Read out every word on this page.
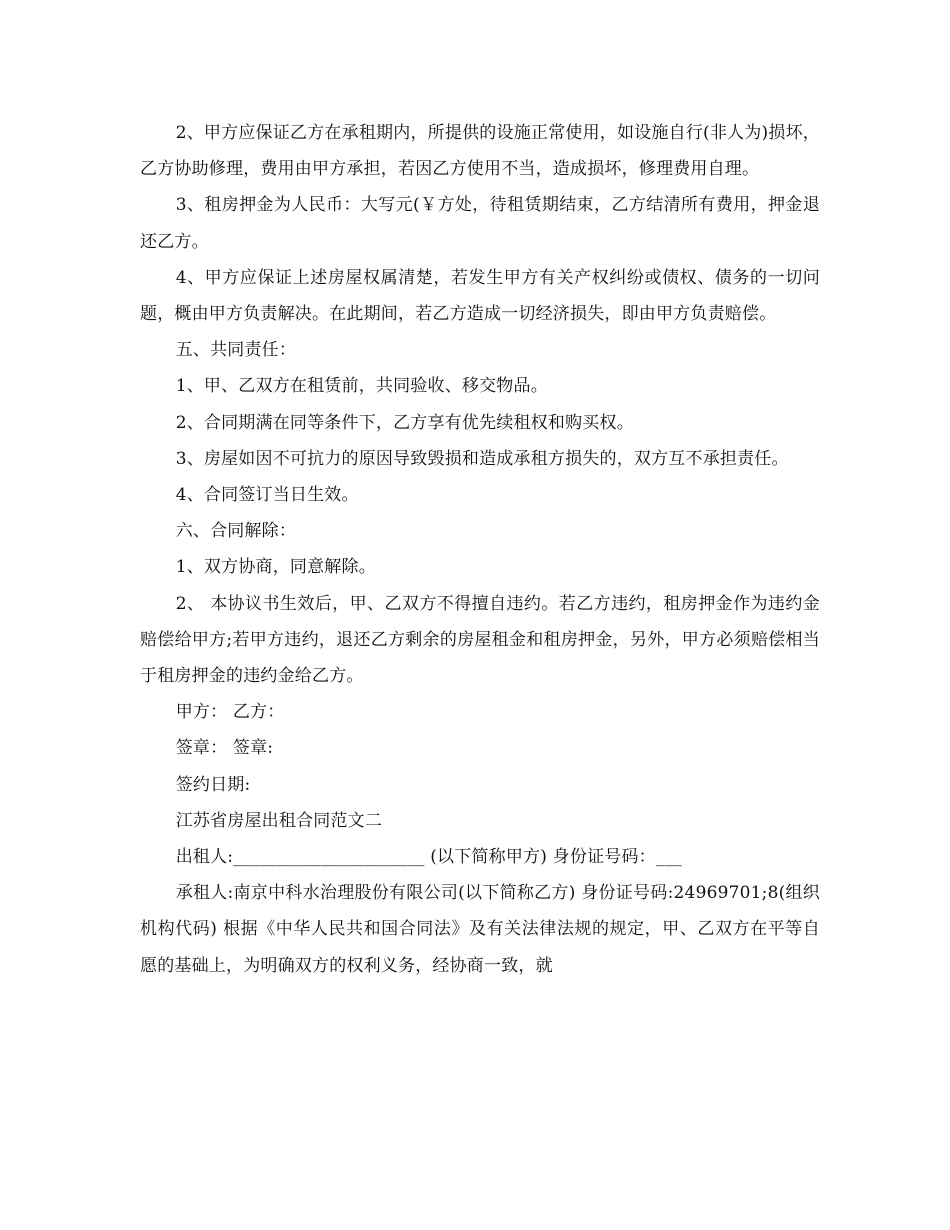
2、甲方应保证乙方在承租期内，所提供的设施正常使用，如设施自行(非人为)损坏，乙方协助修理，费用由甲方承担，若因乙方使用不当，造成损坏，修理费用自理。

3、租房押金为人民币：大写元(￥方处，待租赁期结束，乙方结清所有费用，押金退还乙方。

4、甲方应保证上述房屋权属清楚，若发生甲方有关产权纠纷或债权、债务的一切问题，概由甲方负责解决。在此期间，若乙方造成一切经济损失，即由甲方负责赔偿。

五、共同责任：

1、甲、乙双方在租赁前，共同验收、移交物品。

2、合同期满在同等条件下，乙方享有优先续租权和购买权。

3、房屋如因不可抗力的原因导致毁损和造成承租方损失的，双方互不承担责任。

4、合同签订当日生效。

六、合同解除：

1、双方协商，同意解除。

2、 本协议书生效后，甲、乙双方不得擅自违约。若乙方违约，租房押金作为违约金赔偿给甲方;若甲方违约，退还乙方剩余的房屋租金和租房押金，另外，甲方必须赔偿相当于租房押金的违约金给乙方。

甲方： 乙方：

签章： 签章:

签约日期:

江苏省房屋出租合同范文二

出租人:______________________ (以下简称甲方) 身份证号码：___

承租人:南京中科水治理股份有限公司(以下简称乙方) 身份证号码:24969701;8(组织机构代码) 根据《中华人民共和国合同法》及有关法律法规的规定，甲、乙双方在平等自愿的基础上，为明确双方的权利义务，经协商一致，就
